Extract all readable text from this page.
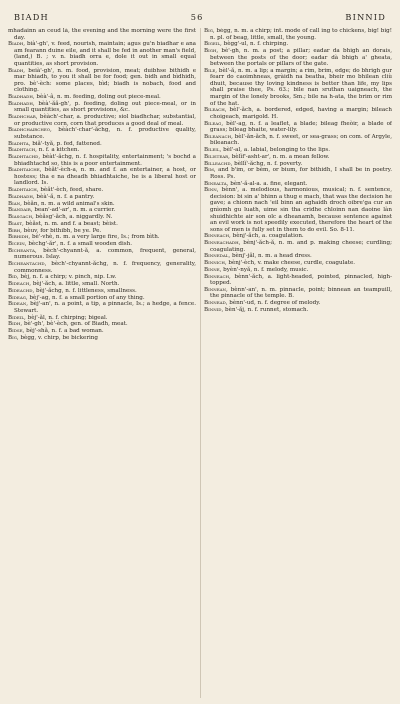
BIADH	56	BINNID

mhadainn an ceud là, the evening and the morning were the first day.

Biadh, bià'-gh', v. feed, nourish, maintain; agus gu'n biadhar e ana am fearann duine eile, and it shall be fed in another man's field, (land,) B. ; v. n. biadh orra e, dole it out in small equal quantities, as short provision.

Biadh, beià'-gh', n. m. food, provision, meat; duibhse bithidh e mar bhiadh, to you it shall be for food; gen. bidh and bìdhidh, pro. bè'-èch: some places, bìd; biadh is nobach, food and clothing.

Biadhadh, bèà'-â, n. m. feeding, doling out piece-meal.

Biadhadh, bèà'-ăă-gh', p. feeding, doling out piece-meal, or in small quantities, as short provisions, &c.

Biadhchar, bèàch'-char, a. productive; siol biadhchar, substantial, or productive corn, corn that produces a good deal of meal.

Biadhchaircheo, bèàch'-char'-ăchg, n. f. productive quality, substance.

Biadhta, biă'-tyă, p. fed, fattened.

Biadhtach, n. f. a kitchen.

Biadhtachd, bèàt'-ăchg, n. f. hospitality, entertainment; 's bochd a bhiadhtachd so, this is a poor entertainment.

Biadhtaiche, bèăt'-èch-a, n. m. and f. an entertainer, a host, or hostess; tha e na dheadh bhiadhtaiche, he is a liberal host or landlord. Is.

Biadhtaich, bèăt'-èch, feed, share.

Biadhadh, bèà'-ă, n. f. a pantry.

Bian, bèăn, n. m. a wild animal's skin.

Biandair, bean'-ad'-ar', n. m. a currier.

Biasgach, bèăsg'-ăch, a. niggardly. N.

Biast, bèăst, n. m. and f. a beast; bèist.

Bibh, bèuv, for bithibh, be ye. Pe.

Bibhidh, bè'-vhè, n. m. a very large fire, Is.; from bìth.

Bicein, bèchg'-ăr', n. f. a small wooden dish.

Bicheanta, bèch'-chyannt-ă, a. common, frequent, general, numerous. Islay.

Bicheantachd, bèch'-chyannt-ăchg, n. f. frequency, generality, commonness.

Bid, bèj, n. f. a chirp; v. pinch, nip. Lw.

Bideach, bèj'-ăch, a. little, small. North.

Bideachd, bèj'-ăchg, n. f. littleness, smallness.

Bideag, bèj'-ag, n. f. a small portion of any thing.

Bidean, bèj'-an', n. a point, a tip, a pinnacle, Is.; a hedge, a fence. Stewart.

Bideil, bèj'-ăl, n. f. chirping; bigeal.

Bidh, bè'-gh', bè'-èch, gen. of Biadh, meat.

Bidse, bèj'-shă, n. f. a bad woman.

Big, bègg, v. chirp, be bickering

Big, bègg, n. m. a chirp; int. mode of call ing to chickens, big! big! n. pl. of beag, little, small, the young.

Bigeil, bègg'-ul, n. f. chirping.

Bigh, bè'-gh, n. m. a post; a pillar; eadar da bhigh an dorais, between the posts of the door; eadar dà bhigh a' gheata, between the portals or pillars of the gate.

Bile, bèl'-ă, n. m. a lip; a margin; a rim, brim, edge; do bhrigh gur fearr do caoimhneas, gràidh na beatha, bheir mo bhilean cliù dhuit, because thy loving kindness is better than life, my lips shall praise thee, Ps. 63.; bile nan sruthan uaigneach, the margin of the lonely brooks, Sm.; bile na h-ata, the brim or rim of the hat.

Bileach, bèl'-ăch, a. bordered, edged, having a margin; bileach choigeach, marigold. H.

Bileag, bèl'-ag, n. f. a leaflet, a blade; bileag fheòir, a blade of grass; bileag bhaite, water-lily.

Bileanach, bèl'-ăn-ăch, n. f. sweet, or sea-grass; on com. of Argyle, bileanach.

Bileil, bèl'-al, a. labial, belonging to the lips.

Bilistear, bèlĭf'-asht-ar', n. m. a mean fellow.

Billeachd, bèllĭ'-ăchg, n. f. poverty.

Bim, and b'im, or bèm, or bium, for bithidh, I shall be in poetry. Ross. Ps.

Binealta, bèn'-ă-al-a. a. fine, elegant.

Binn, bènn', a. melodious, harmonious, musical; n. f. sentence, decision: bi sin a' bhinn a thug e mach, that was the decision he gave; a chionn nach 'eil binn an aghaidh droch oibre'ga cur an gnìomh gu luath, uime sin tha cridhe chloinn nan daoine làn shuidhichte air son olc a dheanamh, because sentence against an evil work is not speedily executed, therefore the heart of the sons of men is fully set in them to do evil. So. 8-11.

Binneach, bènj'-ăch, a. coagulation.

Binneachadh, bènj'-ăch-ă, n. m. and p. making cheese; curdling; coagulating.

Binnedal, bènj'-jăl, n. m. a head dress.

Binnich, bènj'-èch, v. make cheese, curdle, coagulate.

Binne, byèn'-nyă, n. f. melody, music.

Binneach, bènn'-ăch, a. light-headed, pointed, pinnacled, high-topped.

Binnean, bènn'-an', n. m. pinnacle, point; binnean an teampuill, the pinnacle of the temple. B.

Binnead, bènn'-ud, n. f. degree of melody.

Binnid, bèn'-ăj, n. f. runnet, stomach.
